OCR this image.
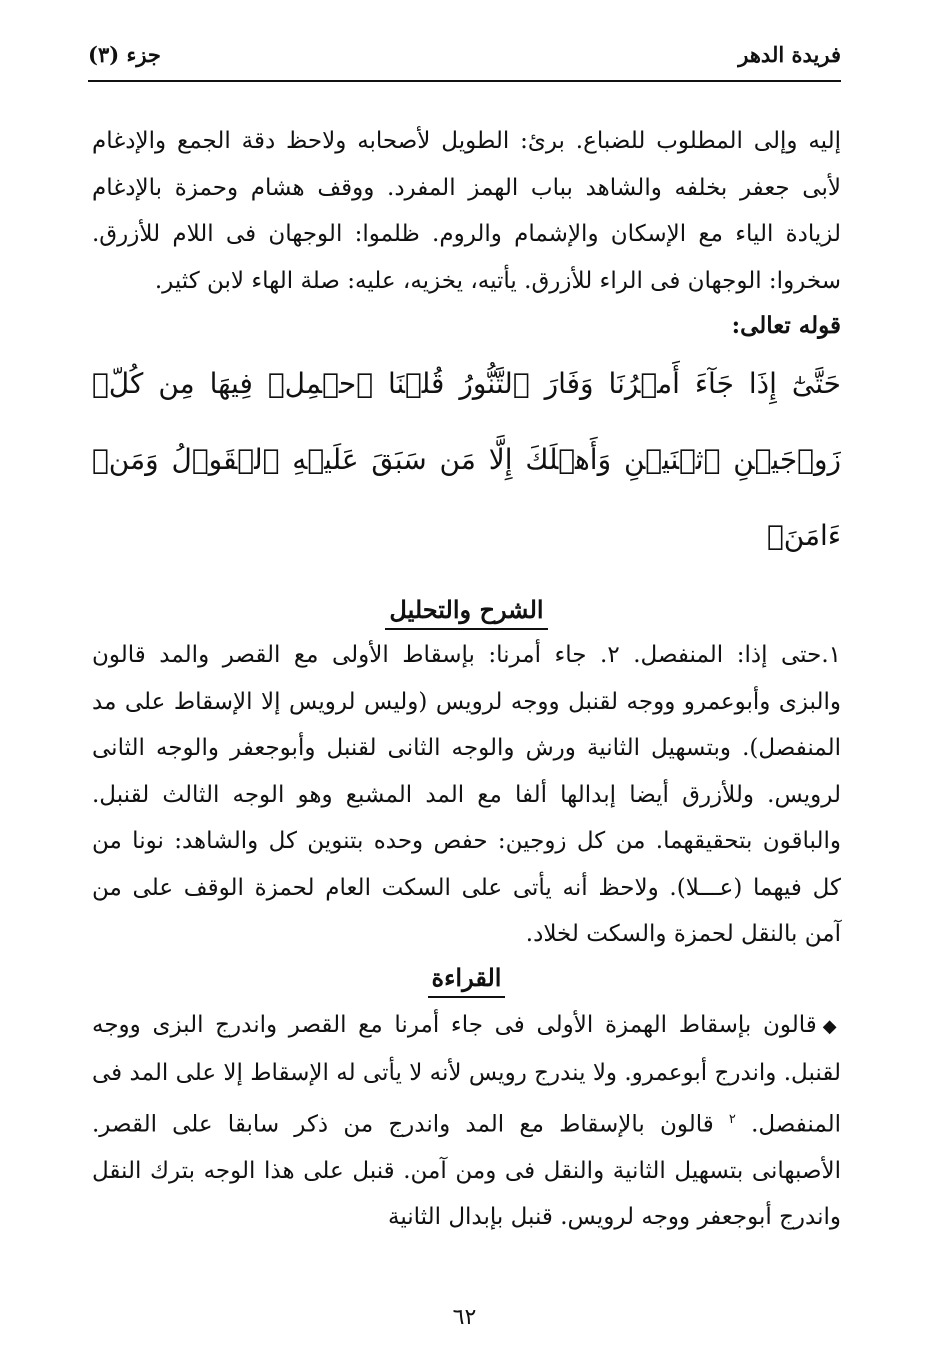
فريدة الدهر
جزء (٣)

إليه وإلى المطلوب للضباع. برئ: الطويل لأصحابه ولاحظ دقة الجمع والإدغام لأبى جعفر بخلفه والشاهد بباب الهمز المفرد. ووقف هشام وحمزة بالإدغام لزيادة الياء مع الإسكان والإشمام والروم. ظلموا: الوجهان فى اللام للأزرق. سخروا: الوجهان فى الراء للأزرق. يأتيه، يخزيه، عليه: صلة الهاء لابن كثير.

قوله تعالى:

حَتَّىٰٓ إِذَا جَآءَ أَمۡرُنَا وَفَارَ ٱلتَّنُّورُ قُلۡنَا ٱحۡمِلۡ فِيهَا مِن كُلّٖ زَوۡجَيۡنِ ٱثۡنَيۡنِ وَأَهۡلَكَ إِلَّا مَن سَبَقَ عَلَيۡهِ ٱلۡقَوۡلُ وَمَنۡ ءَامَنَۚ

الشرح والتحليل

١.حتى إذا: المنفصل. ٢. جاء أمرنا: بإسقاط الأولى مع القصر والمد قالون والبزى وأبوعمرو ووجه لقنبل ووجه لرويس (وليس لرويس إلا الإسقاط على مد المنفصل). وبتسهيل الثانية ورش والوجه الثانى لقنبل وأبوجعفر والوجه الثانى لرويس. وللأزرق أيضا إبدالها ألفا مع المد المشبع وهو الوجه الثالث لقنبل. والباقون بتحقيقهما. من كل زوجين: حفص وحده بتنوين كل والشاهد: نونا من كل فيهما (عـــلا). ولاحظ أنه يأتى على السكت العام لحمزة الوقف على من آمن بالنقل لحمزة والسكت لخلاد.

القراءة

◆قالون بإسقاط الهمزة الأولى فى جاء أمرنا مع القصر واندرج البزى ووجه لقنبل. واندرج أبوعمرو. ولا يندرج رويس لأنه لا يأتى له الإسقاط إلا على المد فى المنفصل. $^٢$ قالون بالإسقاط مع المد واندرج من ذكر سابقا على القصر. الأصبهانى بتسهيل الثانية والنقل فى ومن آمن. قنبل على هذا الوجه بترك النقل واندرج أبوجعفر ووجه لرويس. قنبل بإبدال الثانية

٦٢
